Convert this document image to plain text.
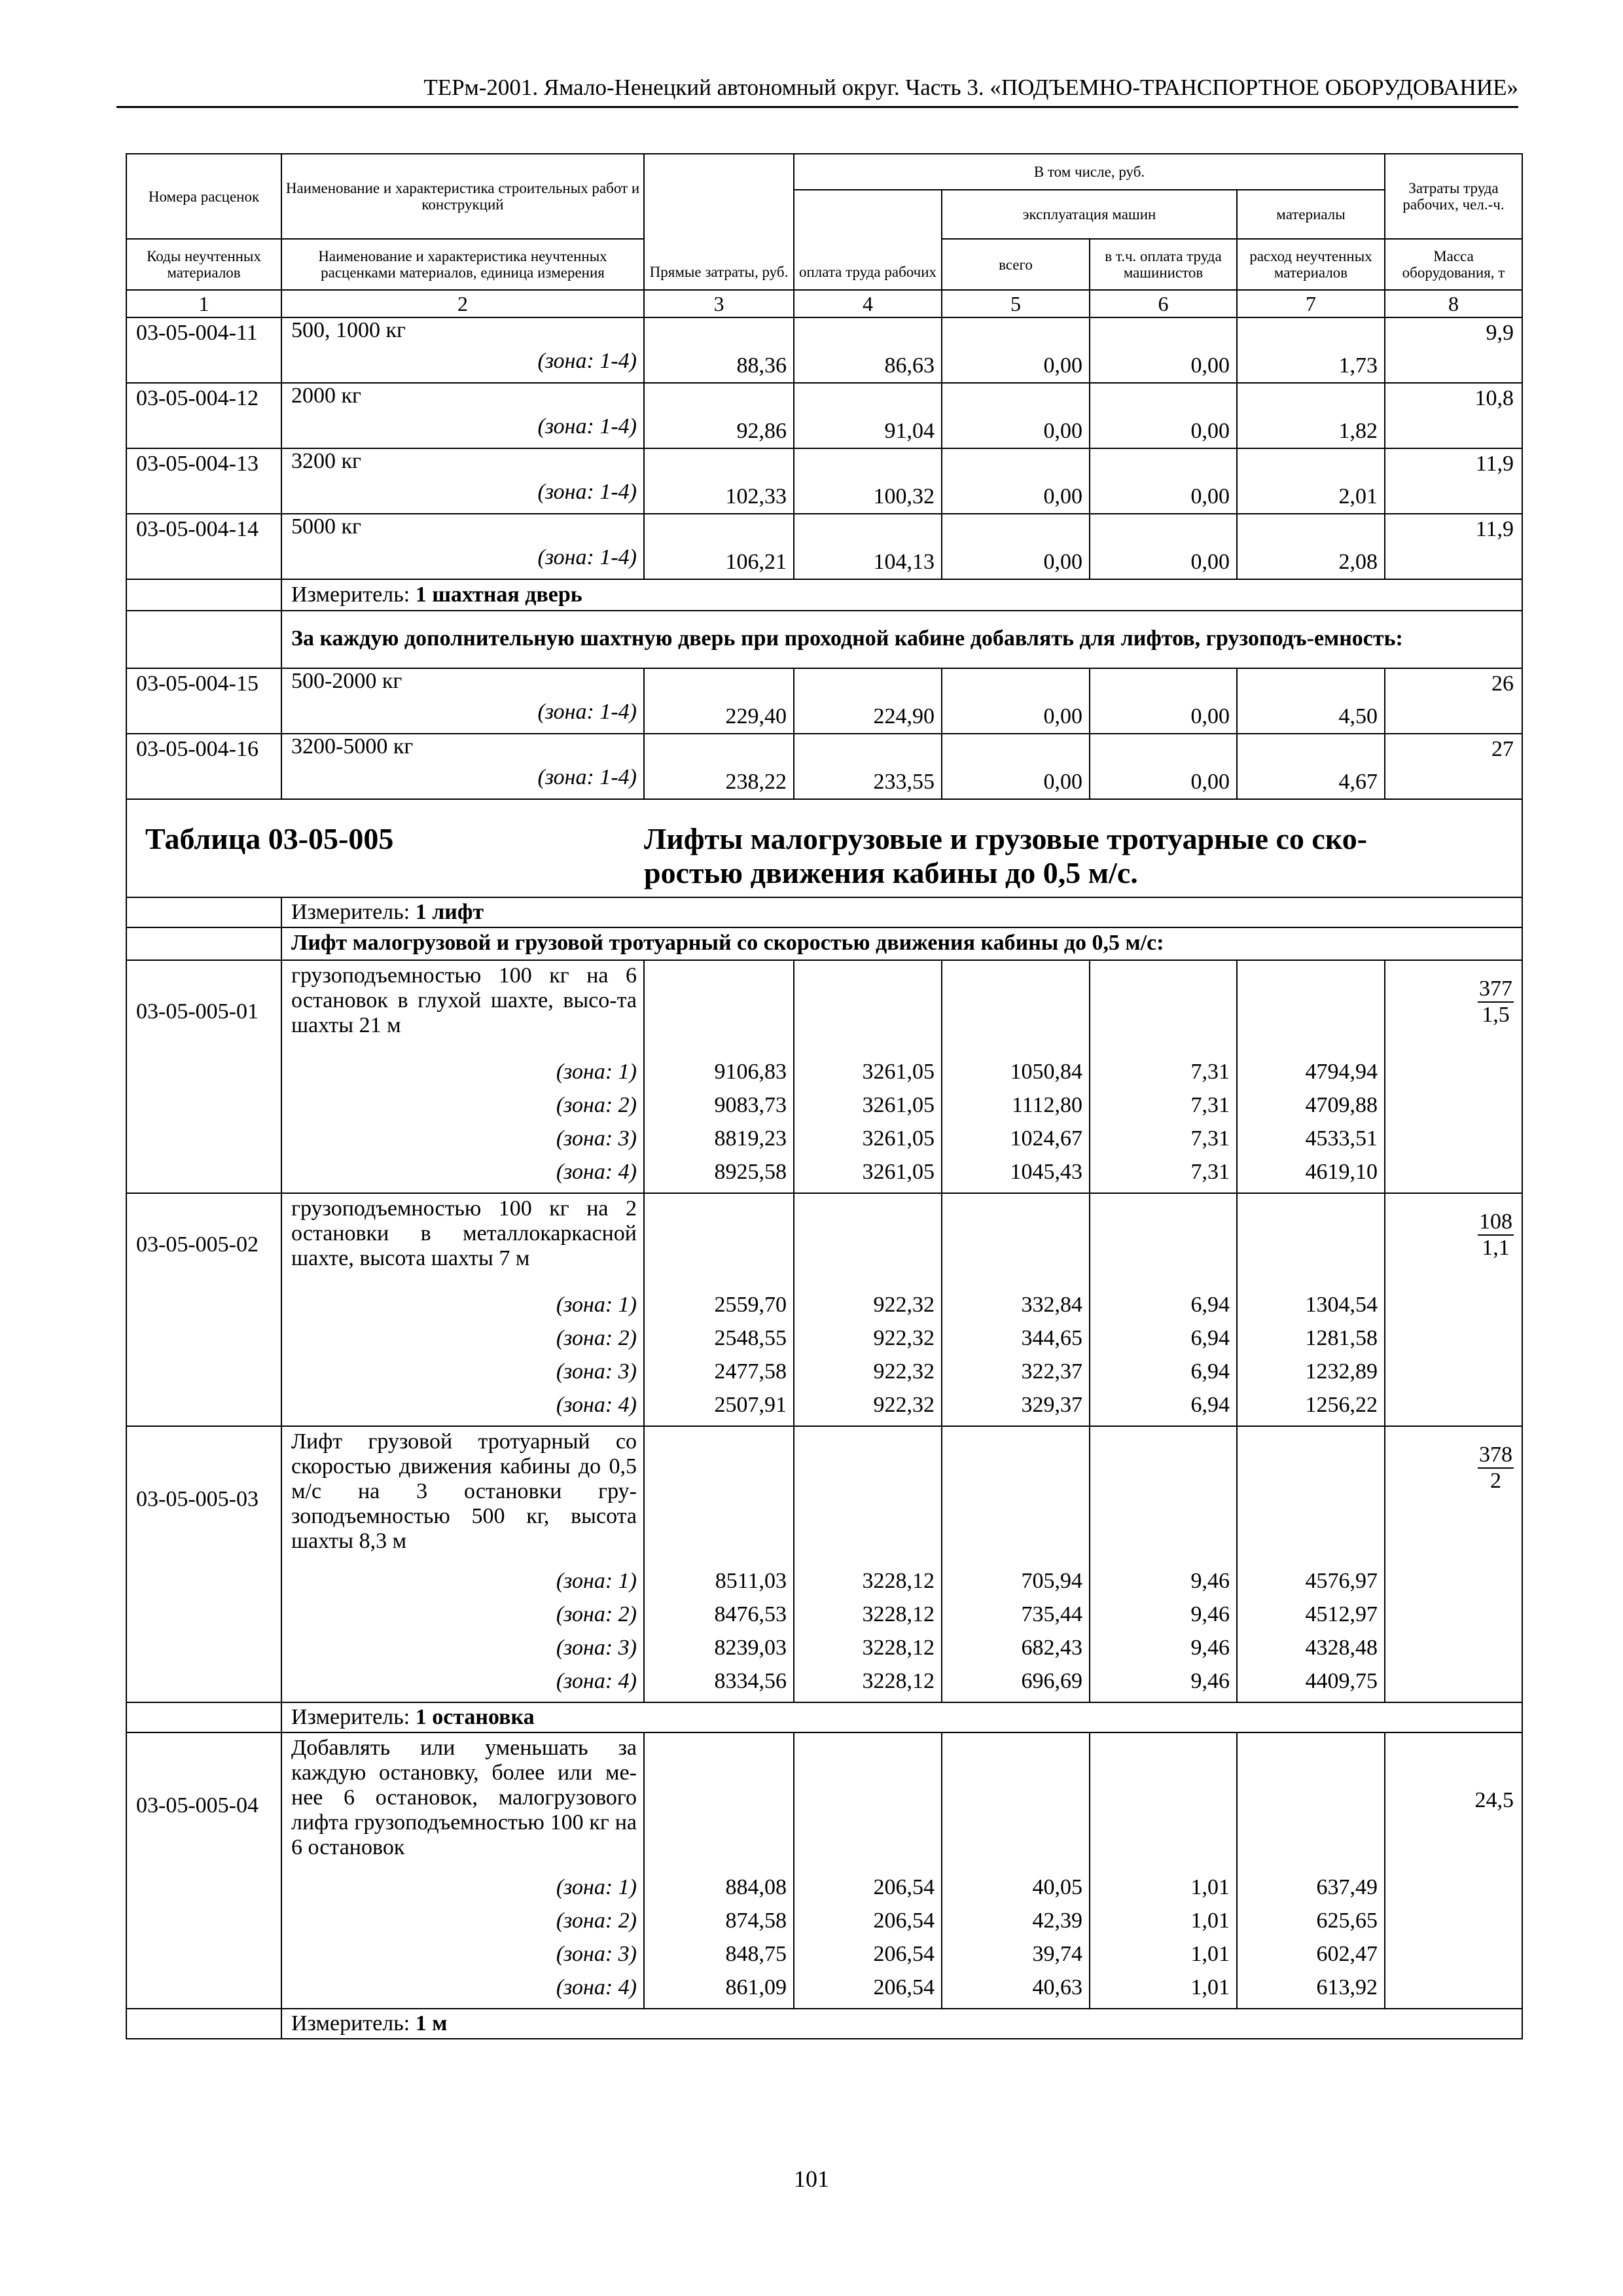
ТЕРм-2001. Ямало-Ненецкий автономный округ. Часть 3. «ПОДЪЕМНО-ТРАНСПОРТНОЕ ОБОРУДОВАНИЕ»
Номера расценок	Наименование и характеристика строительных работ и конструкций	Прямые затраты, руб.	В том числе, руб.				Затраты труда рабочих, чел.-ч.
			оплата труда рабочих	эксплуатация машин		материалы	
Коды неучтенных материалов	Наименование и характеристика неучтенных расценками материалов, единица измерения			всего	в т.ч. оплата труда машинистов	расход неучтенных материалов	Масса оборудования, т
1	2	3	4	5	6	7	8
03-05-004-11	500, 1000 кг	88,36	86,63	0,00	0,00	1,73	9,9
	(зона: 1-4)						
03-05-004-12	2000 кг	92,86	91,04	0,00	0,00	1,82	10,8
	(зона: 1-4)						
03-05-004-13	3200 кг	102,33	100,32	0,00	0,00	2,01	11,9
	(зона: 1-4)						
03-05-004-14	5000 кг	106,21	104,13	0,00	0,00	2,08	11,9
	(зона: 1-4)						
	Измеритель: 1 шахтная дверь						
	За каждую дополнительную шахтную дверь при проходной кабине добавлять для лифтов, грузоподъ-емность:						
03-05-004-15	500-2000 кг	229,40	224,90	0,00	0,00	4,50	26
	(зона: 1-4)						
03-05-004-16	3200-5000 кг	238,22	233,55	0,00	0,00	4,67	27
	(зона: 1-4)						
Таблица 03-05-005		Лифты малогрузовые и грузовые тротуарные со ско-ростью движения кабины до 0,5 м/с.					
	Измеритель: 1 лифт						
	Лифт малогрузовой и грузовой тротуарный со скоростью движения кабины до 0,5 м/с:						
03-05-005-01	грузоподъемностью 100 кг на 6 остановок в глухой шахте, высо-та шахты 21 м						$\frac{377}{1,5}$

	(зона: 1)	9106,83	3261,05	1050,84	7,31	4794,94	
	(зона: 2)	9083,73	3261,05	1112,80	7,31	4709,88	
	(зона: 3)	8819,23	3261,05	1024,67	7,31	4533,51	
	(зона: 4)	8925,58	3261,05	1045,43	7,31	4619,10	
03-05-005-02	грузоподъемностью 100 кг на 2 остановки в металлокаркасной шахте, высота шахты 7 м						$\frac{108}{1,1}$

	(зона: 1)	2559,70	922,32	332,84	6,94	1304,54	
	(зона: 2)	2548,55	922,32	344,65	6,94	1281,58	
	(зона: 3)	2477,58	922,32	322,37	6,94	1232,89	
	(зона: 4)	2507,91	922,32	329,37	6,94	1256,22	
03-05-005-03	Лифт грузовой тротуарный со скоростью движения кабины до 0,5 м/с на 3 остановки гру-зоподъемностью 500 кг, высота шахты 8,3 м						$\frac{378}{2}$

	(зона: 1)	8511,03	3228,12	705,94	9,46	4576,97	
	(зона: 2)	8476,53	3228,12	735,44	9,46	4512,97	
	(зона: 3)	8239,03	3228,12	682,43	9,46	4328,48	
	(зона: 4)	8334,56	3228,12	696,69	9,46	4409,75	
	Измеритель: 1 остановка						
03-05-005-04	Добавлять или уменьшать за каждую остановку, более или ме-нее 6 остановок, малогрузового лифта грузоподъемностью 100 кг на 6 остановок						24,5
	(зона: 1)	884,08	206,54	40,05	1,01	637,49	
	(зона: 2)	874,58	206,54	42,39	1,01	625,65	
	(зона: 3)	848,75	206,54	39,74	1,01	602,47	
	(зона: 4)	861,09	206,54	40,63	1,01	613,92	
	Измеритель: 1 м						
101
